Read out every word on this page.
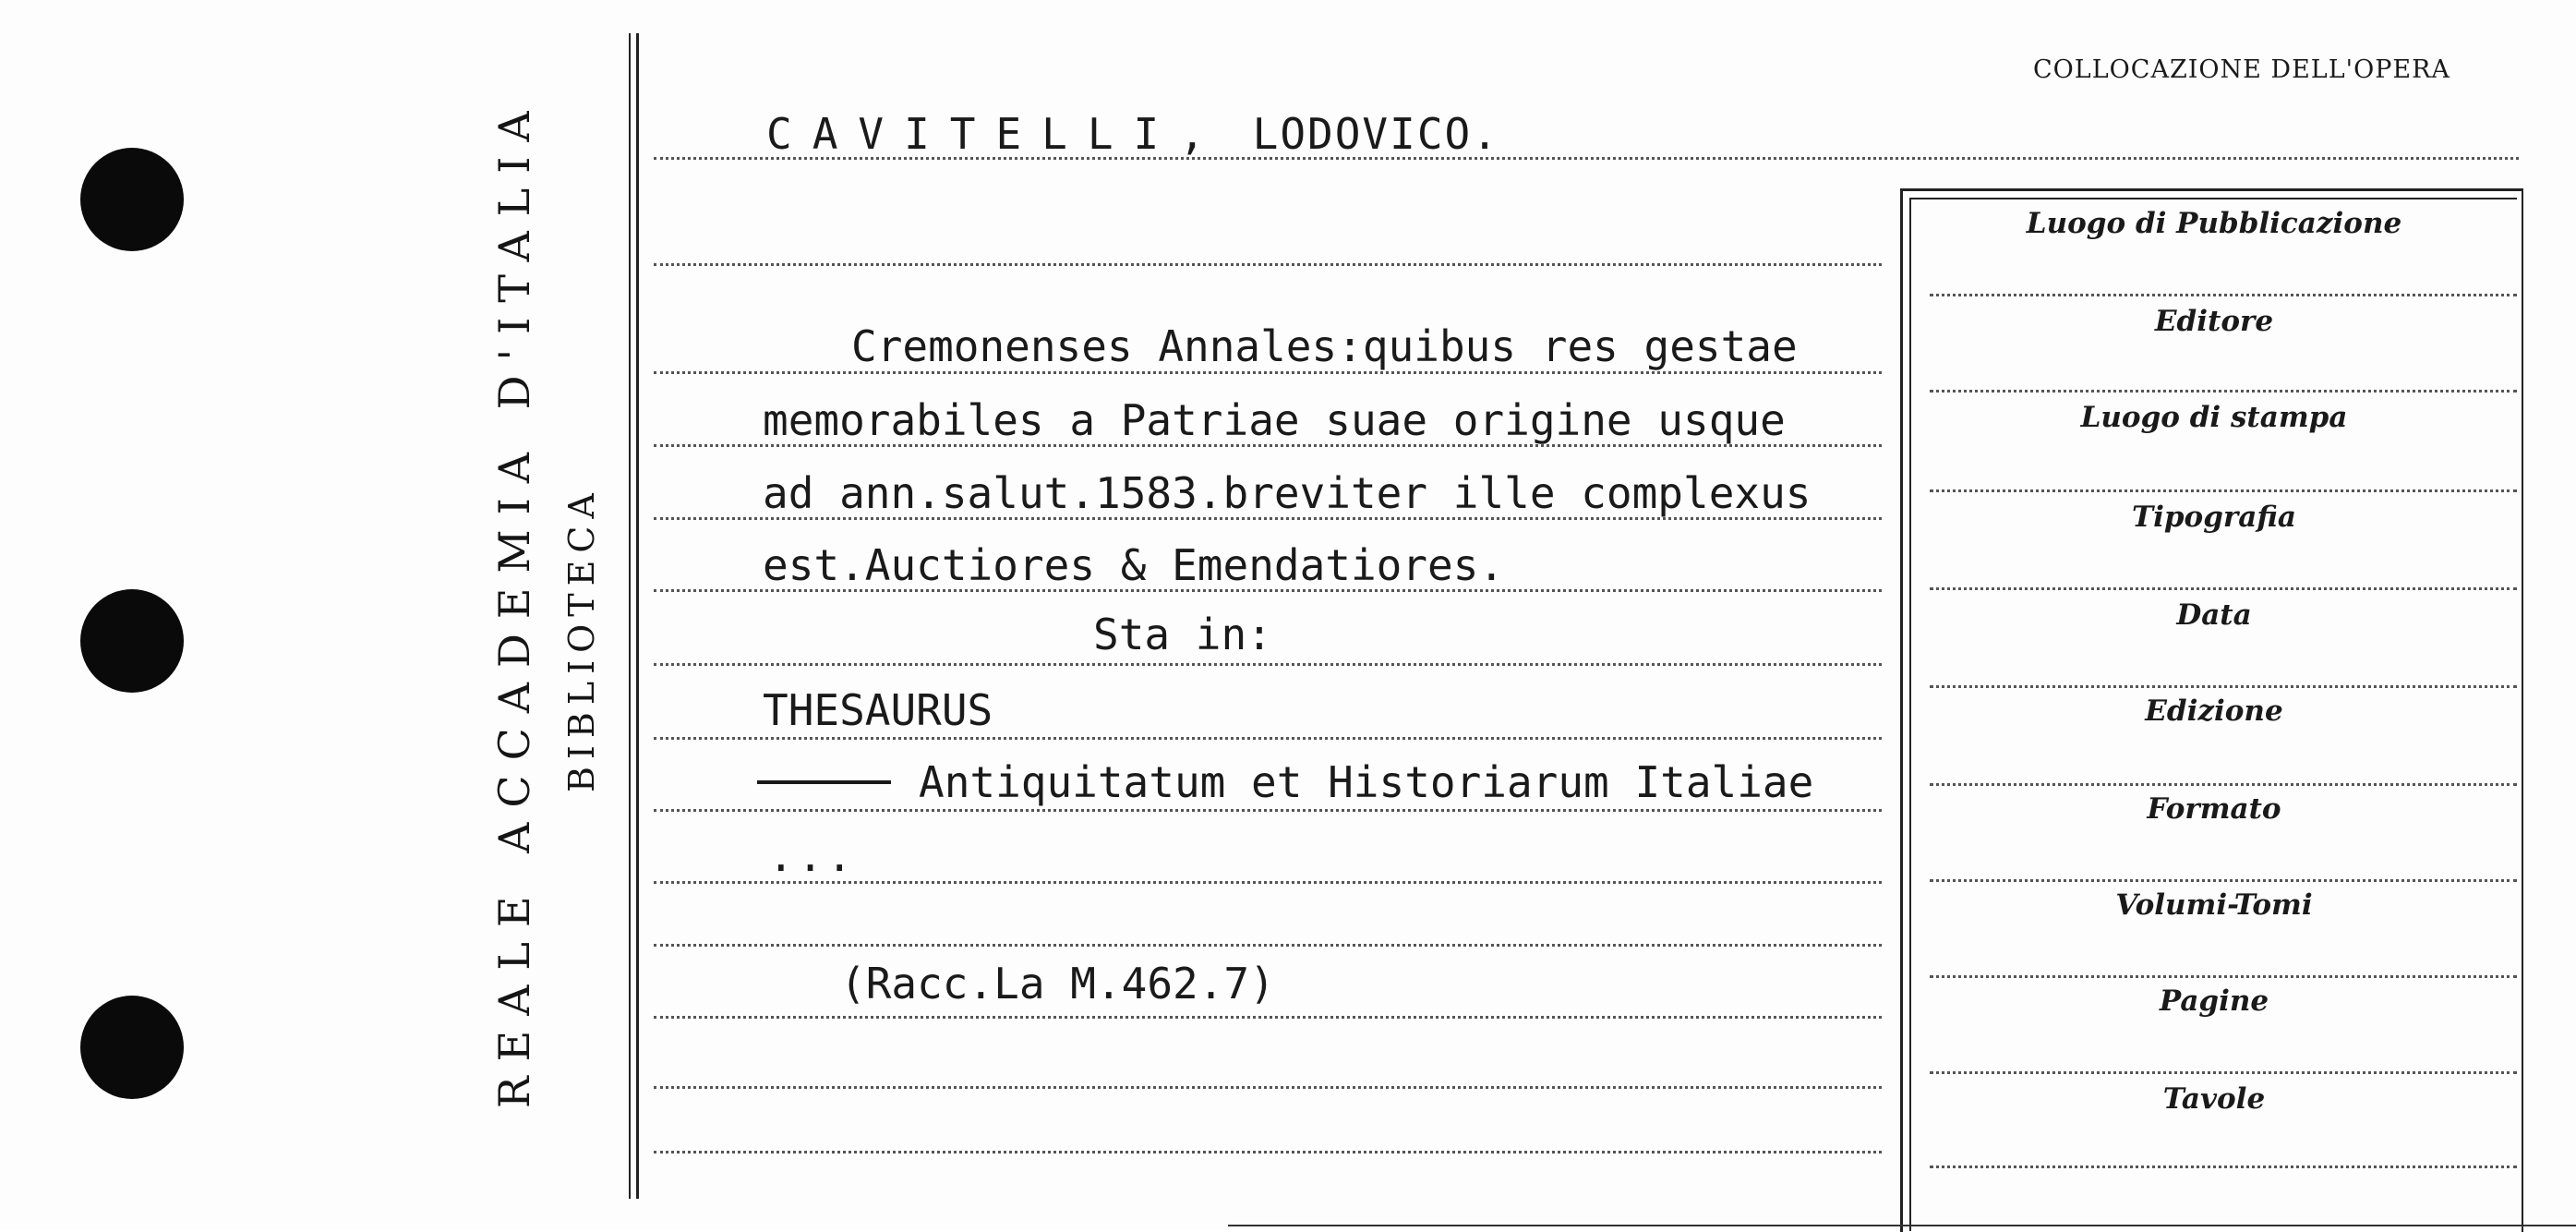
REALE ACCADEMIA D'ITALIA BIBLIOTECA
COLLOCAZIONE DELL'OPERA
CAVITELLI, LODOVICO.
Cremonenses Annales:quibus res gestae
memorabiles a Patriae suae origine usque
ad ann.salut.1583.breviter ille complexus
est.Auctiores & Emendatiores.
Sta in:
THESAURUS
Antiquitatum et Historiarum Italiae
...
(Racc.La M.462.7)
Luogo di Pubblicazione
Editore
Luogo di stampa
Tipografia
Data
Edizione
Formato
Volumi-Tomi
Pagine
Tavole
